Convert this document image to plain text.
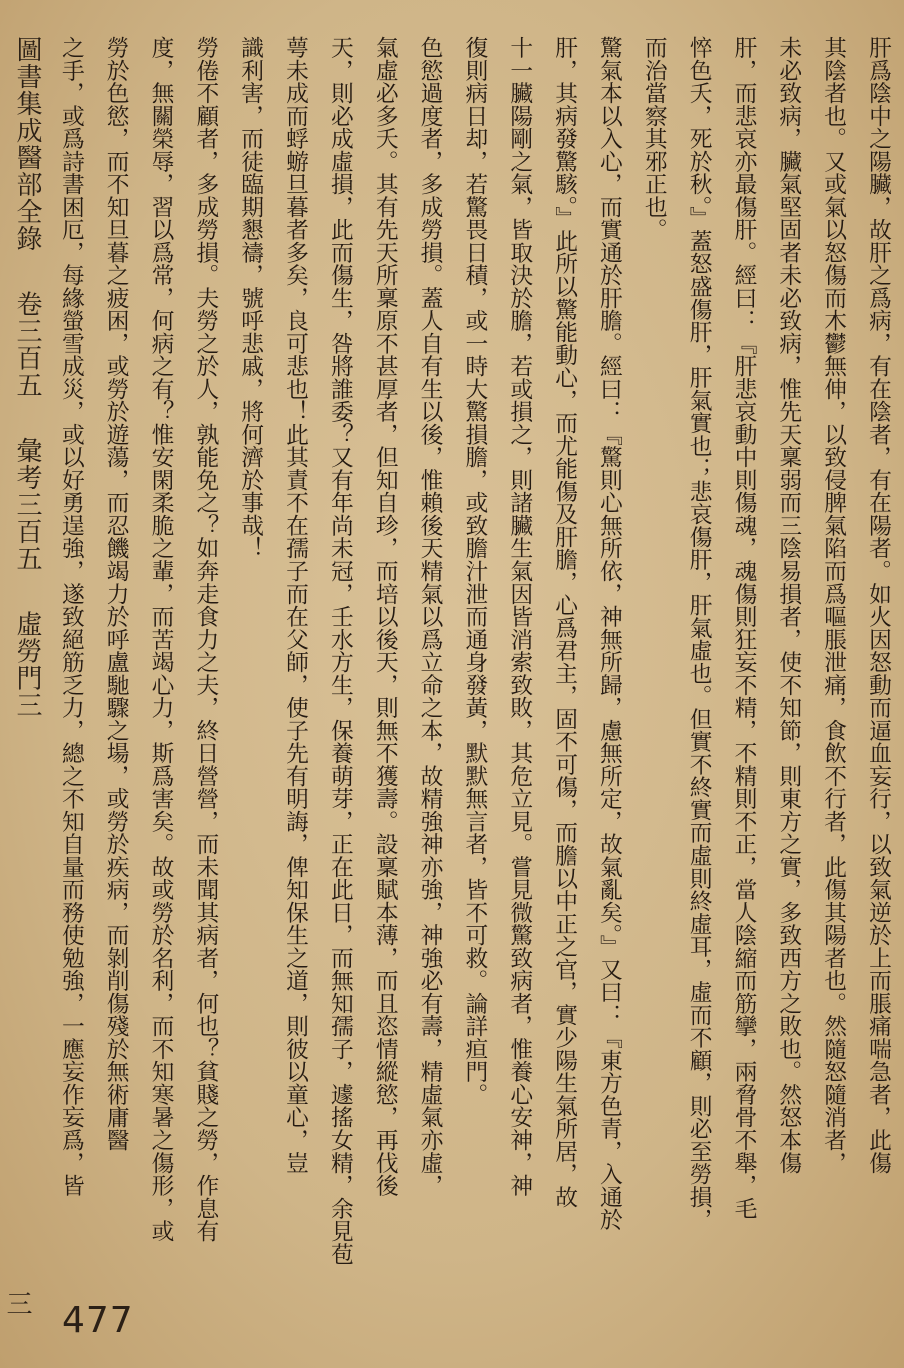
肝爲陰中之陽臟，故肝之爲病，有在陰者，有在陽者。如火因怒動而逼血妄行，以致氣逆於上而脹痛喘急者，此傷
其陰者也。又或氣以怒傷而木鬱無伸，以致侵脾氣陷而爲嘔脹泄痛，食飲不行者，此傷其陽者也。然隨怒隨消者，
未必致病，臟氣堅固者未必致病，惟先天稟弱而三陰易損者，使不知節，則東方之實，多致西方之敗也。然怒本傷
肝，而悲哀亦最傷肝。經曰：『肝悲哀動中則傷魂，魂傷則狂妄不精，不精則不正，當人陰縮而筋攣，兩脅骨不舉，毛
悴色夭，死於秋。』蓋怒盛傷肝，肝氣實也；悲哀傷肝，肝氣虛也。但實不終實而虛則終虛耳，虛而不顧，則必至勞損，
而治當察其邪正也。
驚氣本以入心，而實通於肝膽。經曰：『驚則心無所依，神無所歸，慮無所定，故氣亂矣。』又曰：『東方色青，入通於
肝，其病發驚駭。』此所以驚能動心，而尤能傷及肝膽，心爲君主，固不可傷，而膽以中正之官，實少陽生氣所居，故
十一臟陽剛之氣，皆取決於膽，若或損之，則諸臟生氣因皆消索致敗，其危立見。嘗見微驚致病者，惟養心安神，神
復則病日却，若驚畏日積，或一時大驚損膽，或致膽汁泄而通身發黃，默默無言者，皆不可救。論詳疸門。
色慾過度者，多成勞損。蓋人自有生以後，惟賴後天精氣以爲立命之本，故精強神亦強，神強必有壽，精虛氣亦虛，
氣虛必多夭。其有先天所稟原不甚厚者，但知自珍，而培以後天，則無不獲壽。設稟賦本薄，而且恣情縱慾，再伐後
天，則必成虛損，此而傷生，咎將誰委？又有年尚未冠，壬水方生，保養萌芽，正在此日，而無知孺子，遽搖女精，余見苞
萼未成而蜉蝣旦暮者多矣，良可悲也！此其責不在孺子而在父師，使子先有明誨，俾知保生之道，則彼以童心，豈
識利害，而徒臨期懇禱，號呼悲戚，將何濟於事哉！
勞倦不顧者，多成勞損。夫勞之於人，孰能免之？如奔走食力之夫，終日營營，而未聞其病者，何也？貧賤之勞，作息有
度，無關榮辱，習以爲常，何病之有？惟安閑柔脆之輩，而苦竭心力，斯爲害矣。故或勞於名利，而不知寒暑之傷形，或
勞於色慾，而不知旦暮之疲困，或勞於遊蕩，而忍饑竭力於呼盧馳驟之場，或勞於疾病，而剝削傷殘於無術庸醫
之手，或爲詩書困厄，每緣螢雪成災，或以好勇逞強，遂致絕筋乏力，總之不知自量而務使勉強，一應妄作妄爲，皆
圖書集成醫部全錄  卷三百五  彙考三百五  虛勞門三
三 477
